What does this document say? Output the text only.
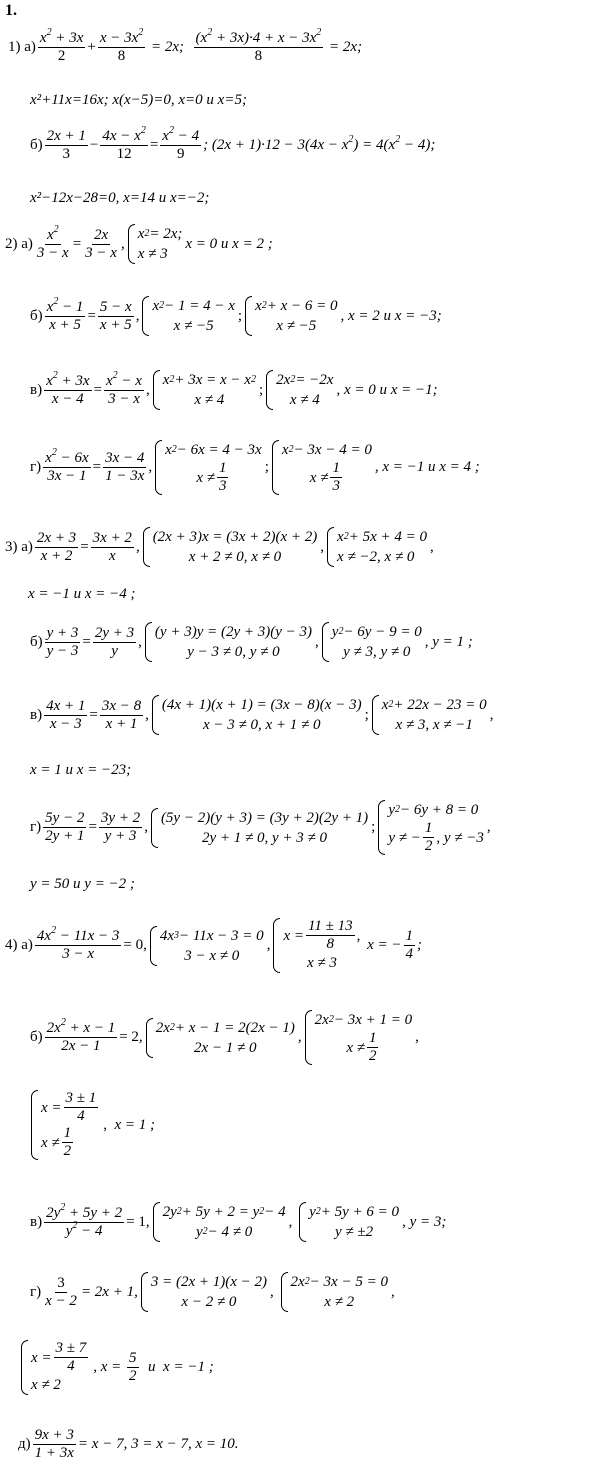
1.
1) а)
$x^2 + 3x$
2
+ $\frac{x - 3x^2}{8} = 2x$; $\frac{(x^2 + 3x)\cdot 4 + x - 3x^2}{8} = 2x$;
x²+11x=16x; x(x−5)=0, x=0 и x=5;
б)
2x + 1
3
−
$4x - x^2$
12
=
$x^2 - 4$
9
; $(2x + 1)\cdot 12 - 3(4x - x^2) = 4(x^2 - 4)$;
x²−12x−28=0, x=14 и x=−2;
2) а)
$x^2$
3 − x
=
2x
3 − x
,
x 2 = 2x;
x ≠ 3
x = 0 и x = 2 ;
б)
$x^2 - 1$
x + 5
=
5 − x
x + 5
,
x 2 − 1 = 4 − x
x ≠ −5
;
x 2 + x − 6 = 0
x ≠ −5
, x = 2 и x = −3;
в)
$x^2 + 3x$
x − 4
=
$x^2 - x$
3 − x
,
x 2 + 3x = x − x 2
x ≠ 4
;
2x 2 = −2x
x ≠ 4
, x = 0 и x = −1;
г)
$x^2 - 6x$
3x − 1
=
3x − 4
1 − 3x
,
x 2 − 6x = 4 − 3x
x ≠
1
3
;
x 2 − 3x − 4 = 0
x ≠
1
3
, x = −1 и x = 4 ;
3) а)
2x + 3
x + 2
=
3x + 2
x
,
(2x + 3)x = (3x + 2)(x + 2)
x + 2 ≠ 0, x ≠ 0
,
x 2 + 5x + 4 = 0
x ≠ −2, x ≠ 0
,
x = −1 и x = −4 ;
б)
y + 3
y − 3
=
2y + 3
y
,
(y + 3)y = (2y + 3)(y − 3)
y − 3 ≠ 0, y ≠ 0
,
y 2 − 6y − 9 = 0
y ≠ 3, y ≠ 0
, y = 1 ;
в)
4x + 1
x − 3
=
3x − 8
x + 1
,
(4x + 1)(x + 1) = (3x − 8)(x − 3)
x − 3 ≠ 0, x + 1 ≠ 0
;
x 2 + 22x − 23 = 0
x ≠ 3, x ≠ −1
,
x = 1 и x = −23;
г)
5y − 2
2y + 1
=
3y + 2
y + 3
,
(5y − 2)(y + 3) = (3y + 2)(2y + 1)
2y + 1 ≠ 0, y + 3 ≠ 0
;
y 2 − 6y + 8 = 0
y ≠ −
1
2
, y ≠ −3
,
y = 50 и y = −2 ;
4) а)
$4x^2 - 11x - 3$
3 − x
= 0,
4x 3 − 11x − 3 = 0
3 − x ≠ 0
,
x =
11 ± 13
8
,
x ≠ 3
x = − $\frac{1}{4}$ ;
б)
$2x^2 + x - 1$
2x − 1
= 2,
2x 2 + x − 1 = 2(2x − 1)
2x − 1 ≠ 0
,
2x 2 − 3x + 1 = 0
x ≠
1
2
,
x =
3 ± 1
4
x ≠
1
2
, x = 1 ;
в)
$2y^2 + 5y + 2$
$y^2 - 4$
= 1,
2y 2 + 5y + 2 = y 2 − 4
y 2 − 4 ≠ 0
,
y 2 + 5y + 6 = 0
y ≠ ±2
, y = 3;
$г) \frac{3}{x - 2} = 2x + 1$,
3 = (2x + 1)(x − 2)
x − 2 ≠ 0
,
2x 2 − 3x − 5 = 0
x ≠ 2
,
x =
3 ± 7
4
x ≠ 2
, $x = \frac{5}{2}$ и  x = −1 ;
$д) \frac{9x + 3}{1 + 3x} = x - 7$, 3 = x − 7, x = 10.
